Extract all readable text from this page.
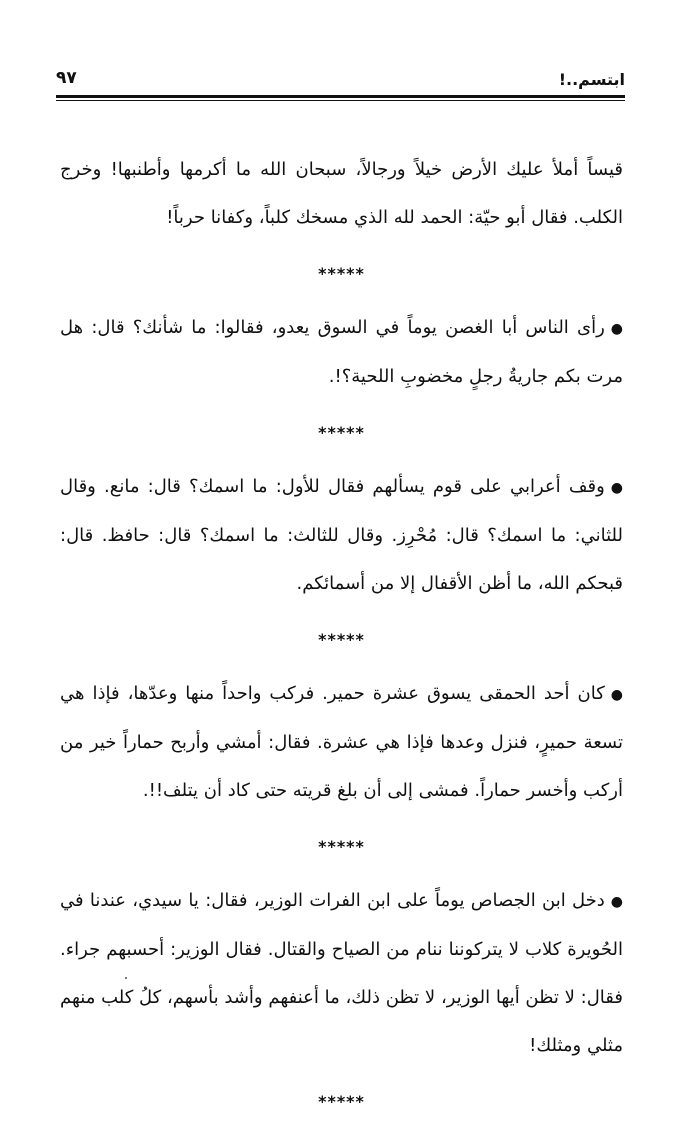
ابتسم..!
٩٧

قيساً أملأ عليك الأرض خيلاً ورجالاً، سبحان الله ما أكرمها وأطنبها! وخرج الكلب. فقال أبو حيّة: الحمد لله الذي مسخك كلباً، وكفانا حرباً!

*****

●رأى الناس أبا الغصن يوماً في السوق يعدو، فقالوا: ما شأنك؟ قال: هل مرت بكم جاريةُ رجلٍ مخضوبِ اللحية؟!.

*****

●وقف أعرابي على قوم يسألهم فقال للأول: ما اسمك؟ قال: مانع. وقال للثاني: ما اسمك؟ قال: مُحْرِز. وقال للثالث: ما اسمك؟ قال: حافظ. قال: قبحكم الله، ما أظن الأقفال إلا من أسمائكم.

*****

●كان أحد الحمقى يسوق عشرة حمير. فركب واحداً منها وعدّها، فإذا هي تسعة حميرٍ، فنزل وعدها فإذا هي عشرة. فقال: أمشي وأربح حماراً خير من أركب وأخسر حماراً. فمشى إلى أن بلغ قريته حتى كاد أن يتلف!!.

*****

●دخل ابن الجصاص يوماً على ابن الفرات الوزير، فقال: يا سيدي، عندنا في الحُويرة كلاب لا يتركوننا ننام من الصياح والقتال. فقال الوزير: أحسبهم جراء. فقال: لا تظن أيها الوزير، لا تظن ذلك، ما أعنفهم وأشد بأسهم، كلُ كلب منهم مثلي ومثلك!

*****
